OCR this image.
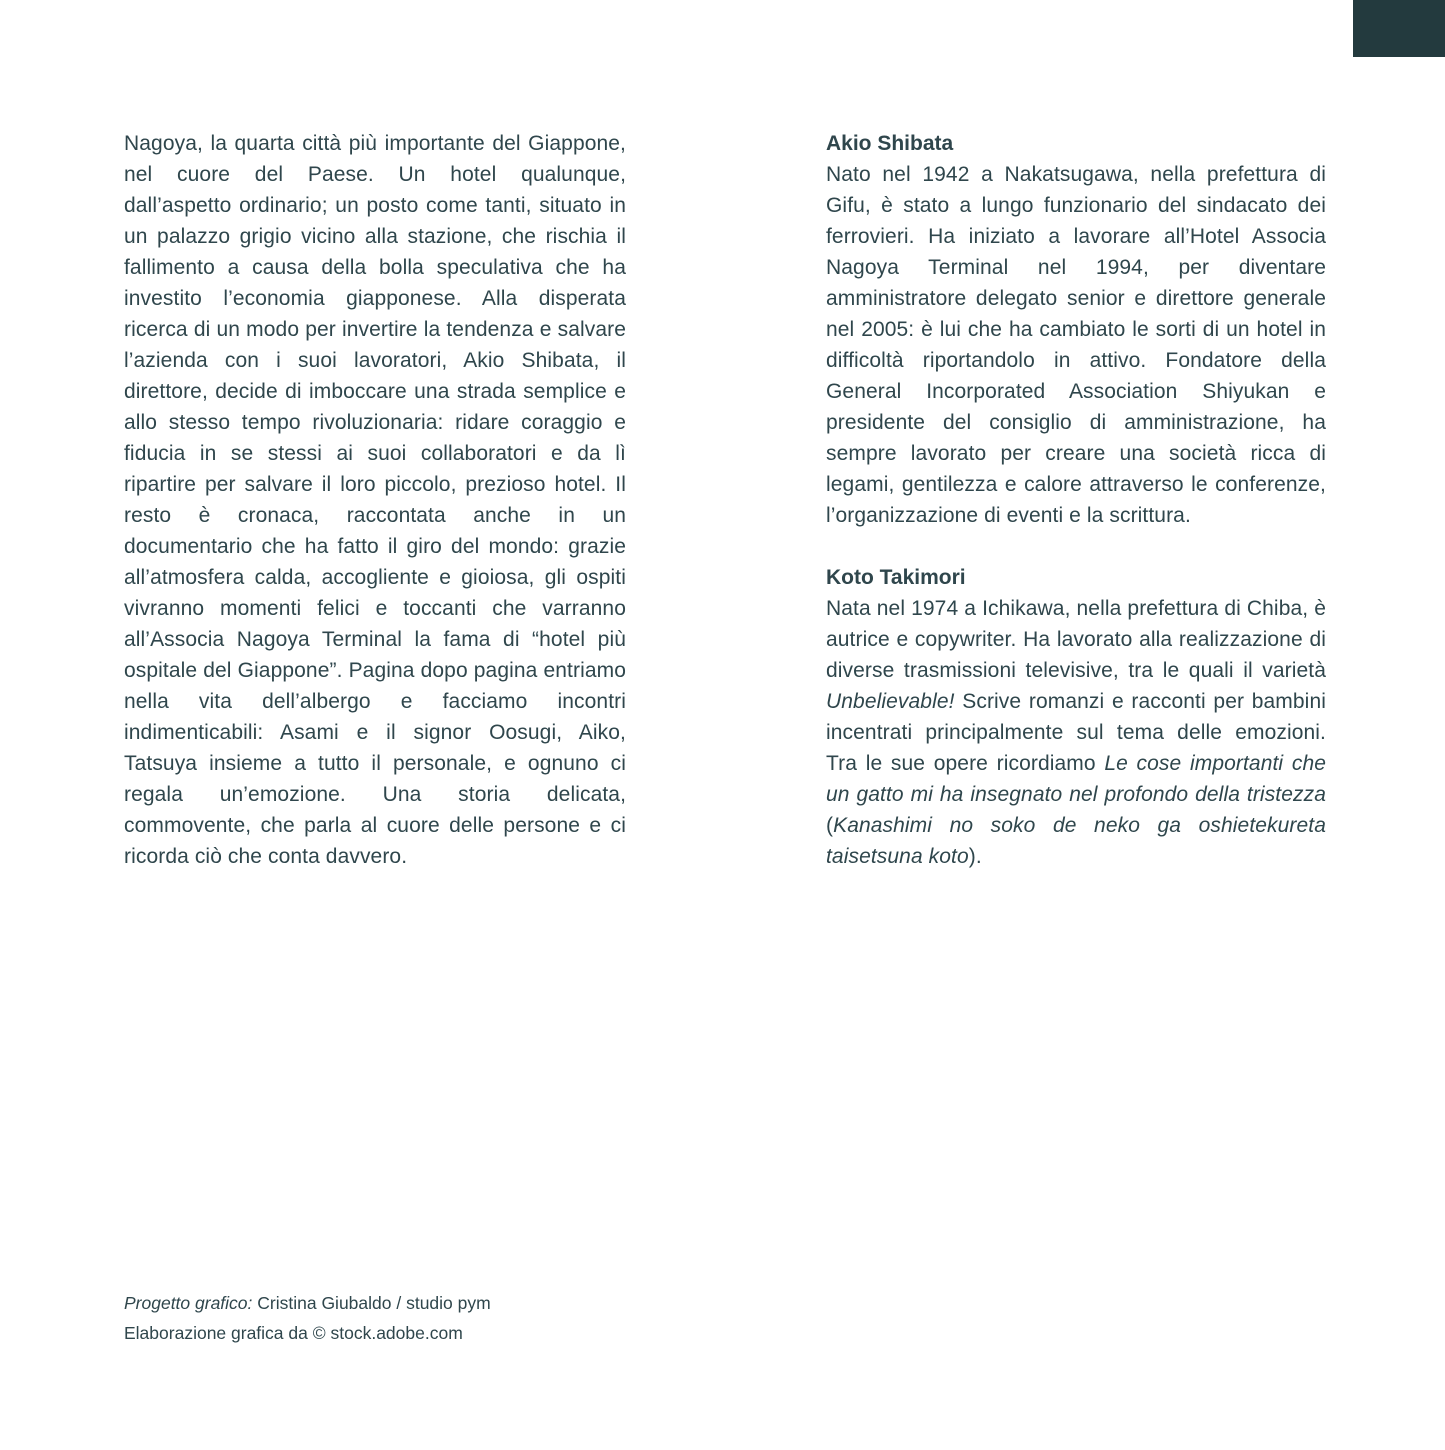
Nagoya, la quarta città più importante del Giappone, nel cuore del Paese. Un hotel qualunque, dall’aspetto ordinario; un posto come tanti, situato in un palazzo grigio vicino alla stazione, che rischia il fallimento a causa della bolla speculativa che ha investito l’economia giapponese. Alla disperata ricerca di un modo per invertire la tendenza e salvare l’azienda con i suoi lavoratori, Akio Shibata, il direttore, decide di imboccare una strada semplice e allo stesso tempo rivoluzionaria: ridare coraggio e fiducia in se stessi ai suoi collaboratori e da lì ripartire per salvare il loro piccolo, prezioso hotel. Il resto è cronaca, raccontata anche in un documentario che ha fatto il giro del mondo: grazie all’atmosfera calda, accogliente e gioiosa, gli ospiti vivranno momenti felici e toccanti che varranno all’Associa Nagoya Terminal la fama di “hotel più ospitale del Giappone”. Pagina dopo pagina entriamo nella vita dell’albergo e facciamo incontri indimenticabili: Asami e il signor Oosugi, Aiko, Tatsuya insieme a tutto il personale, e ognuno ci regala un’emozione. Una storia delicata, commovente, che parla al cuore delle persone e ci ricorda ciò che conta davvero.

Akio Shibata

Nato nel 1942 a Nakatsugawa, nella prefettura di Gifu, è stato a lungo funzionario del sindacato dei ferrovieri. Ha iniziato a lavorare all’Hotel Associa Nagoya Terminal nel 1994, per diventare amministratore delegato senior e direttore generale nel 2005: è lui che ha cambiato le sorti di un hotel in difficoltà riportandolo in attivo. Fondatore della General Incorporated Association Shiyukan e presidente del consiglio di amministrazione, ha sempre lavorato per creare una società ricca di legami, gentilezza e calore attraverso le conferenze, l’organizzazione di eventi e la scrittura.

Koto Takimori

Nata nel 1974 a Ichikawa, nella prefettura di Chiba, è autrice e copywriter. Ha lavorato alla realizzazione di diverse trasmissioni televisive, tra le quali il varietà Unbelievable! Scrive romanzi e racconti per bambini incentrati principalmente sul tema delle emozioni. Tra le sue opere ricordiamo Le cose importanti che un gatto mi ha insegnato nel profondo della tristezza (Kanashimi no soko de neko ga oshietekureta taisetsuna koto).

Progetto grafico: Cristina Giubaldo / studio pym
Elaborazione grafica da © stock.adobe.com
